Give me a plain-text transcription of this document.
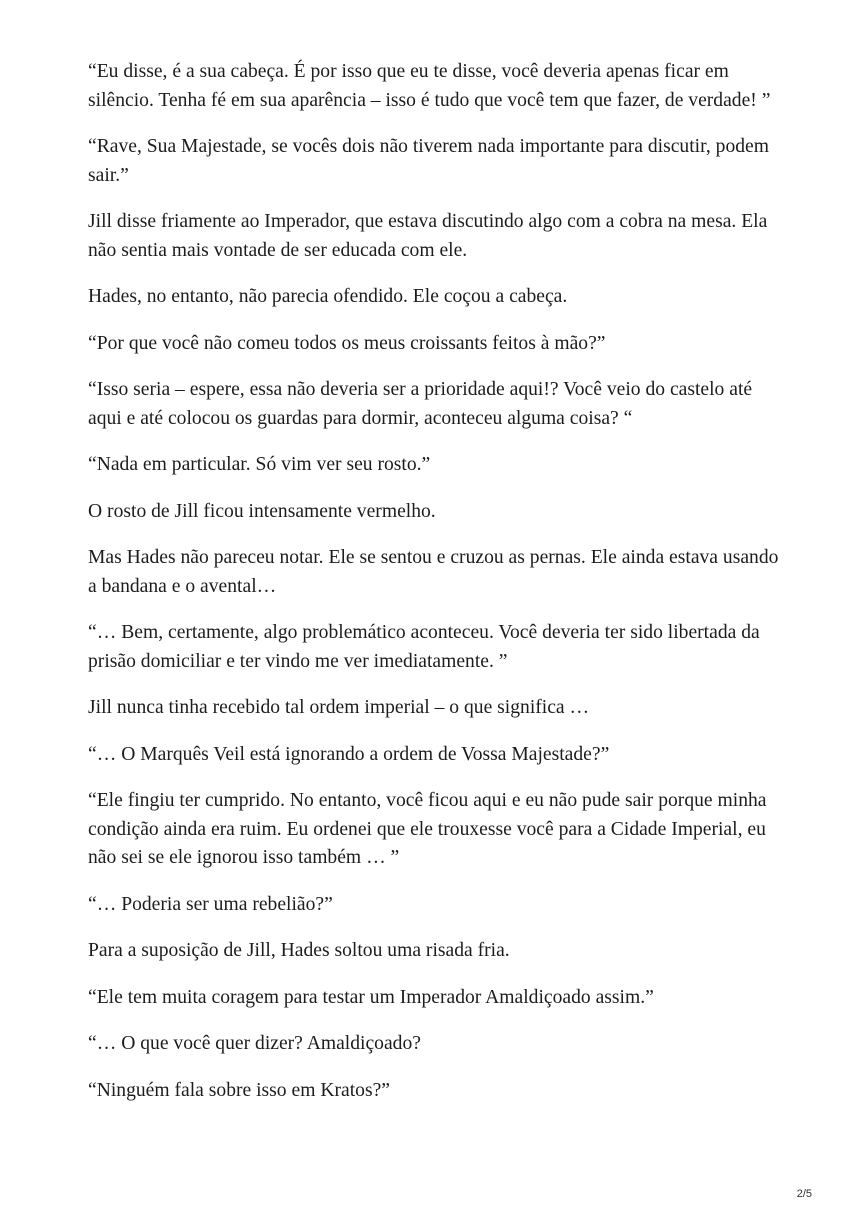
“Eu disse, é a sua cabeça. É por isso que eu te disse, você deveria apenas ficar em silêncio. Tenha fé em sua aparência – isso é tudo que você tem que fazer, de verdade! ”

“Rave, Sua Majestade, se vocês dois não tiverem nada importante para discutir, podem sair.”

Jill disse friamente ao Imperador, que estava discutindo algo com a cobra na mesa. Ela não sentia mais vontade de ser educada com ele.

Hades, no entanto, não parecia ofendido. Ele coçou a cabeça.

“Por que você não comeu todos os meus croissants feitos à mão?”

“Isso seria – espere, essa não deveria ser a prioridade aqui!? Você veio do castelo até aqui e até colocou os guardas para dormir, aconteceu alguma coisa? “

“Nada em particular. Só vim ver seu rosto.”

O rosto de Jill ficou intensamente vermelho.

Mas Hades não pareceu notar. Ele se sentou e cruzou as pernas. Ele ainda estava usando a bandana e o avental…

“… Bem, certamente, algo problemático aconteceu. Você deveria ter sido libertada da prisão domiciliar e ter vindo me ver imediatamente. ”

Jill nunca tinha recebido tal ordem imperial – o que significa …

“… O Marquês Veil está ignorando a ordem de Vossa Majestade?”

“Ele fingiu ter cumprido. No entanto, você ficou aqui e eu não pude sair porque minha condição ainda era ruim. Eu ordenei que ele trouxesse você para a Cidade Imperial, eu não sei se ele ignorou isso também … ”

“… Poderia ser uma rebelião?”

Para a suposição de Jill, Hades soltou uma risada fria.

“Ele tem muita coragem para testar um Imperador Amaldiçoado assim.”

“… O que você quer dizer? Amaldiçoado?

“Ninguém fala sobre isso em Kratos?”

2/5
